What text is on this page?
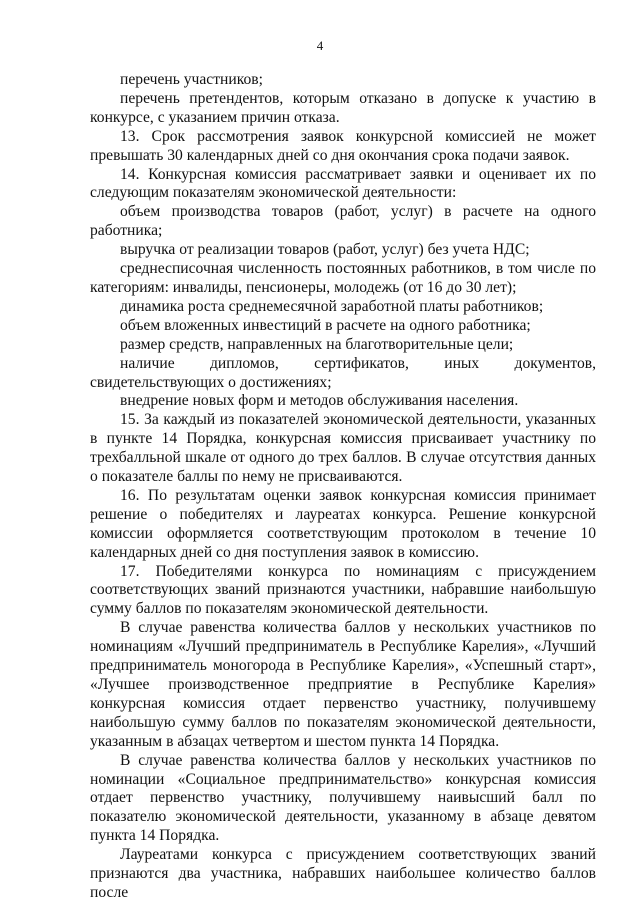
4

перечень участников;

перечень претендентов, которым отказано в допуске к участию в конкурсе, с указанием причин отказа.

13. Срок рассмотрения заявок конкурсной комиссией не может превышать 30 календарных дней со дня окончания срока подачи заявок.

14. Конкурсная комиссия рассматривает заявки и оценивает их по следующим показателям экономической деятельности:

объем производства товаров (работ, услуг) в расчете на одного работника;

выручка от реализации товаров (работ, услуг) без учета НДС;

среднесписочная численность постоянных работников, в том числе по категориям: инвалиды, пенсионеры, молодежь (от 16 до 30 лет);

динамика роста среднемесячной заработной платы работников;

объем вложенных инвестиций в расчете на одного работника;

размер средств, направленных на благотворительные цели;

наличие дипломов, сертификатов, иных документов, свидетельствующих о достижениях;

внедрение новых форм и методов обслуживания населения.

15. За каждый из показателей экономической деятельности, указанных в пункте 14 Порядка, конкурсная комиссия присваивает участнику по трехбалльной шкале от одного до трех баллов. В случае отсутствия данных о показателе баллы по нему не присваиваются.

16. По результатам оценки заявок конкурсная комиссия принимает решение о победителях и лауреатах конкурса. Решение конкурсной комиссии оформляется соответствующим протоколом в течение 10 календарных дней со дня поступления заявок в комиссию.

17. Победителями конкурса по номинациям с присуждением соответствующих званий признаются участники, набравшие наибольшую сумму баллов по показателям экономической деятельности.

В случае равенства количества баллов у нескольких участников по номинациям «Лучший предприниматель в Республике Карелия», «Лучший предприниматель моногорода в Республике Карелия», «Успешный старт», «Лучшее производственное предприятие в Республике Карелия» конкурсная комиссия отдает первенство участнику, получившему наибольшую сумму баллов по показателям экономической деятельности, указанным в абзацах четвертом и шестом пункта 14 Порядка.

В случае равенства количества баллов у нескольких участников по номинации «Социальное предпринимательство» конкурсная комиссия отдает первенство участнику, получившему наивысший балл по показателю экономической деятельности, указанному в абзаце девятом пункта 14 Порядка.

Лауреатами конкурса с присуждением соответствующих званий признаются два участника, набравших наибольшее количество баллов после
